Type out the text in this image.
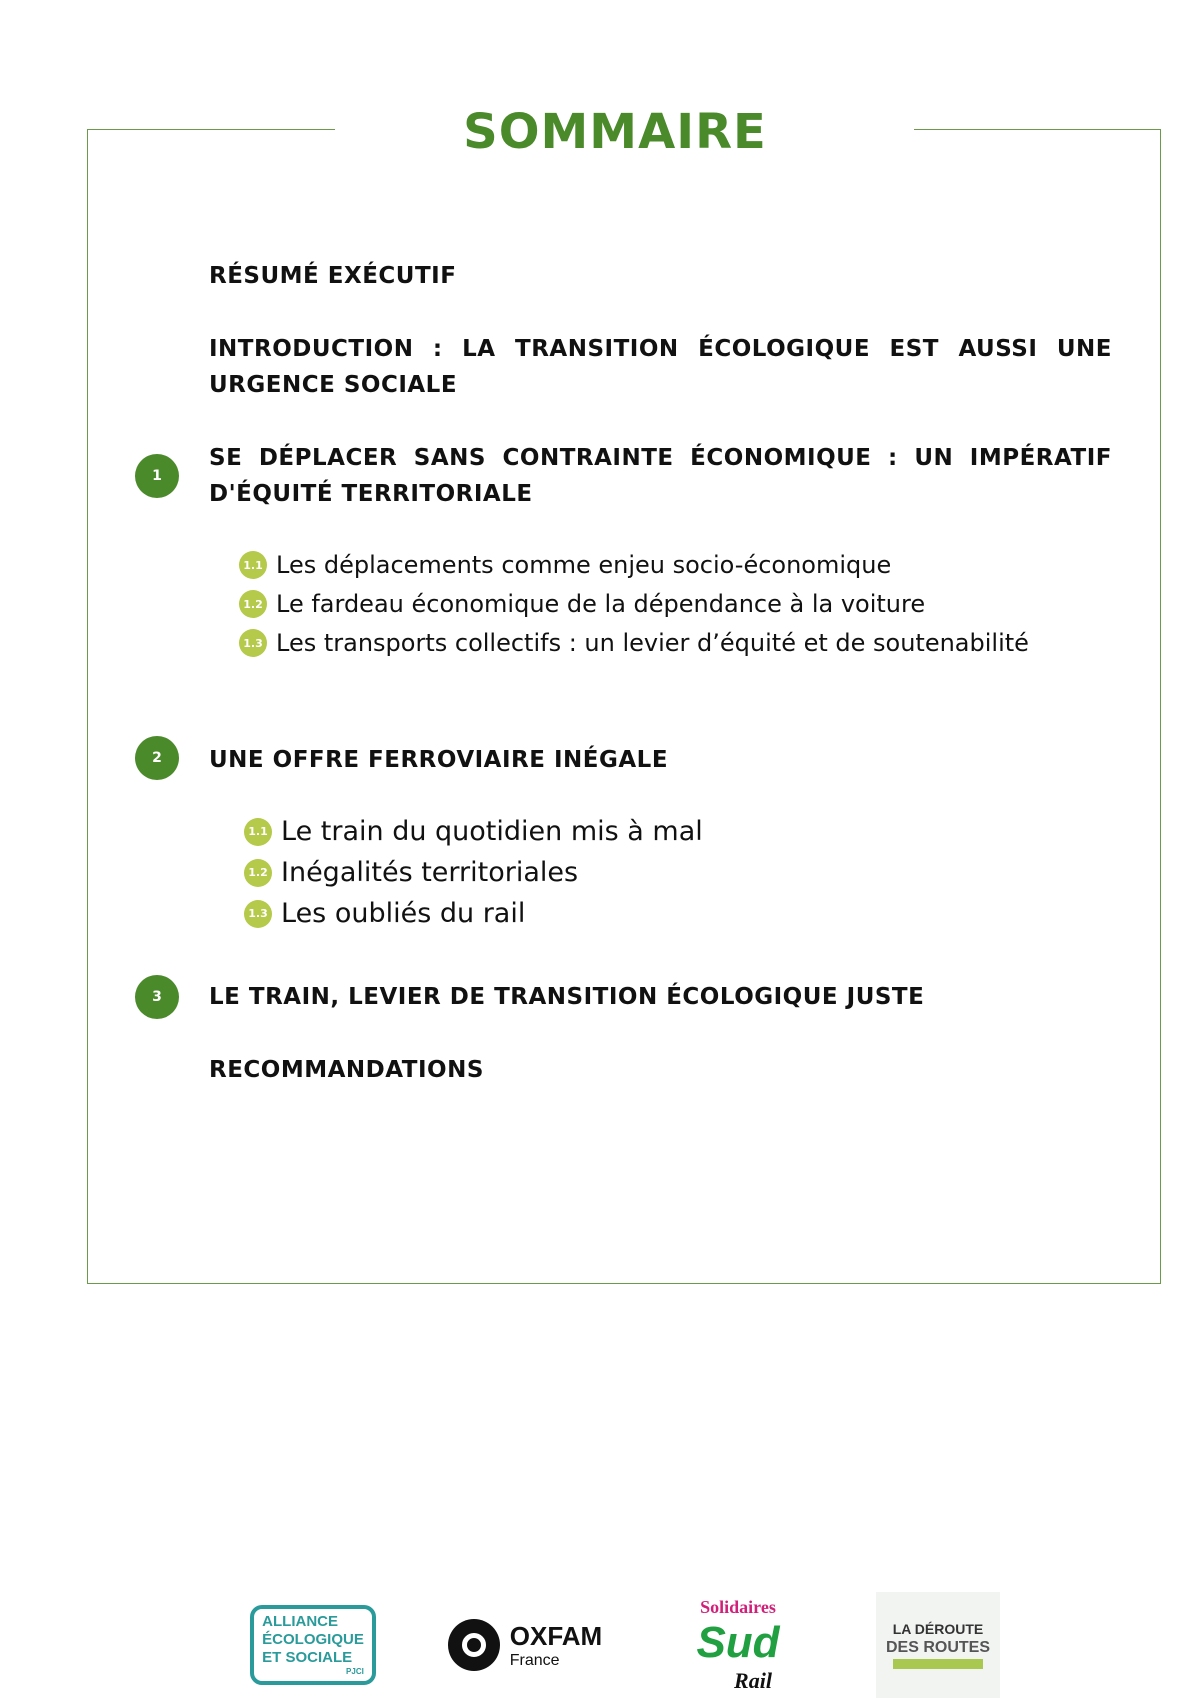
SOMMAIRE
RÉSUMÉ EXÉCUTIF
INTRODUCTION : LA TRANSITION ÉCOLOGIQUE EST AUSSI UNE URGENCE SOCIALE
1
SE DÉPLACER SANS CONTRAINTE ÉCONOMIQUE : UN IMPÉRATIF D'ÉQUITÉ TERRITORIALE
1.1 Les déplacements comme enjeu socio-économique
1.2 Le fardeau économique de la dépendance à la voiture
1.3 Les transports collectifs : un levier d’équité et de soutenabilité
2	UNE OFFRE FERROVIAIRE INÉGALE
1.1 Le train du quotidien mis à mal
1.2 Inégalités territoriales
1.3 Les oubliés du rail
3	LE TRAIN, LEVIER DE TRANSITION ÉCOLOGIQUE JUSTE
RECOMMANDATIONS
ALLIANCE
ÉCOLOGIQUE
ET SOCIALE
PJCI
OXFAM
France
Solidaires
Sud
Rail
LA DÉROUTE
DES ROUTES
